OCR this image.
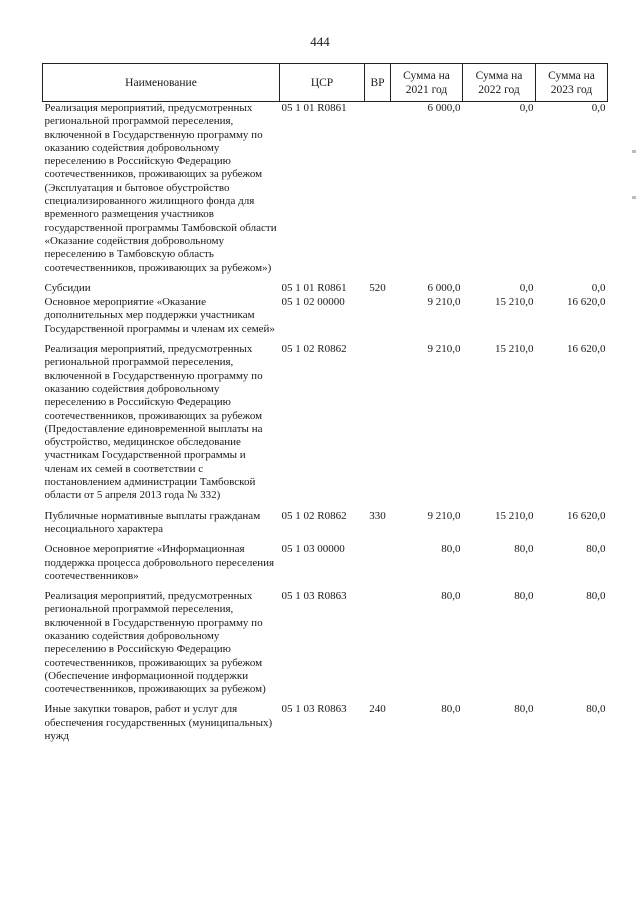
444
Наименование	ЦСР	ВР	Сумма на 2021 год	Сумма на 2022 год	Сумма на 2023 год
Реализация мероприятий, предусмотренных региональной программой переселения, включенной в Государственную программу по оказанию содействия добровольному переселению в Российскую Федерацию соотечественников, проживающих за рубежом (Эксплуатация и бытовое обустройство специализированного жилищного фонда для временного размещения участников государственной программы Тамбовской области «Оказание содействия добровольному переселению в Тамбовскую область соотечественников, проживающих за рубежом»)	05 1 01 R0861		6 000,0	0,0	0,0

Субсидии	05 1 01 R0861	520	6 000,0	0,0	0,0
Основное мероприятие «Оказание дополнительных мер поддержки участникам Государственной программы и членам их семей»	05 1 02 00000		9 210,0	15 210,0	16 620,0

Реализация мероприятий, предусмотренных региональной программой переселения, включенной в Государственную программу по оказанию содействия добровольному переселению в Российскую Федерацию соотечественников, проживающих за рубежом (Предоставление единовременной выплаты на обустройство, медицинское обследование участникам Государственной программы и членам их семей в соответствии с постановлением администрации Тамбовской области от 5 апреля 2013 года № 332)	05 1 02 R0862		9 210,0	15 210,0	16 620,0

Публичные нормативные выплаты гражданам несоциального характера	05 1 02 R0862	330	9 210,0	15 210,0	16 620,0

Основное мероприятие «Информационная поддержка процесса добровольного переселения соотечественников»	05 1 03 00000		80,0	80,0	80,0

Реализация мероприятий, предусмотренных региональной программой переселения, включенной в Государственную программу по оказанию содействия добровольному переселению в Российскую Федерацию соотечественников, проживающих за рубежом (Обеспечение информационной поддержки соотечественников, проживающих за рубежом)	05 1 03 R0863		80,0	80,0	80,0

Иные закупки товаров, работ и услуг для обеспечения государственных (муниципальных) нужд	05 1 03 R0863	240	80,0	80,0	80,0
